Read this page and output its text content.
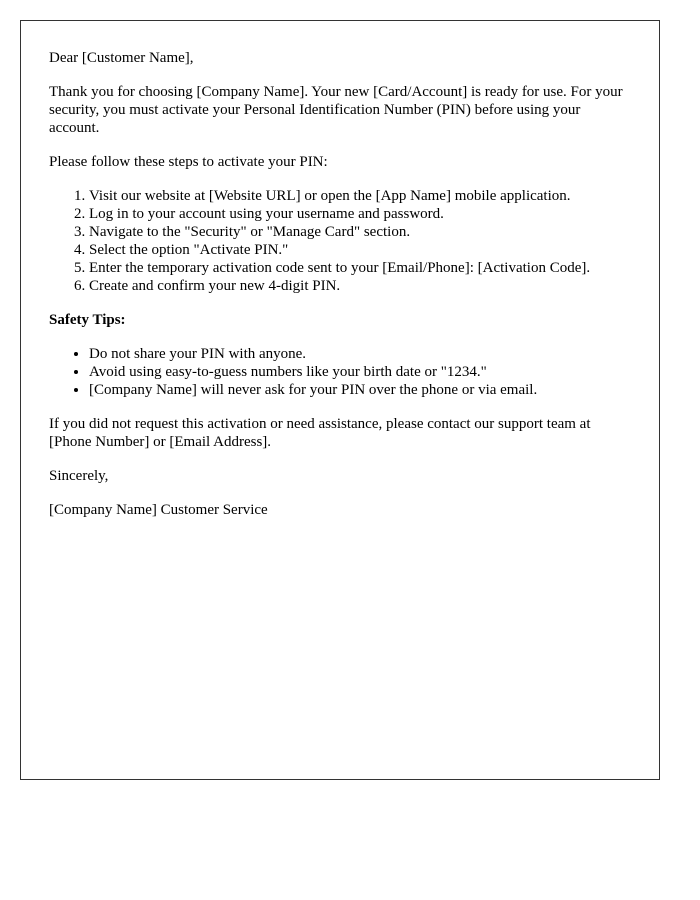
Dear [Customer Name],

Thank you for choosing [Company Name]. Your new [Card/Account] is ready for use. For your security, you must activate your Personal Identification Number (PIN) before using your account.

Please follow these steps to activate your PIN:

1. Visit our website at [Website URL] or open the [App Name] mobile application.
2. Log in to your account using your username and password.
3. Navigate to the "Security" or "Manage Card" section.
4. Select the option "Activate PIN."
5. Enter the temporary activation code sent to your [Email/Phone]: [Activation Code].
6. Create and confirm your new 4-digit PIN.

Safety Tips:

• Do not share your PIN with anyone.
• Avoid using easy-to-guess numbers like your birth date or "1234."
• [Company Name] will never ask for your PIN over the phone or via email.

If you did not request this activation or need assistance, please contact our support team at [Phone Number] or [Email Address].

Sincerely,

[Company Name] Customer Service
